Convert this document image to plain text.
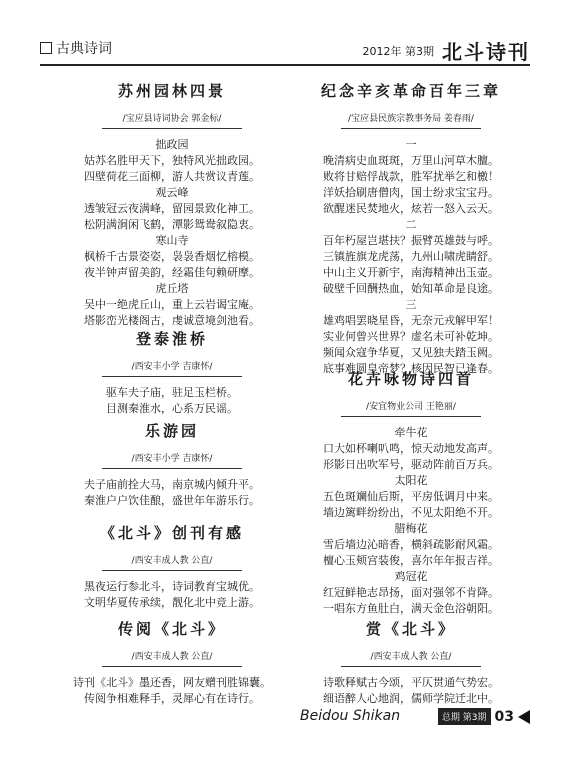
古典诗词	2012年 第3期 北斗诗刊
苏州园林四景
/宝应县诗词协会 郭金标/
拙政园
姑苏名胜甲天下，独特风光拙政园。
四壁荷花三面柳，游人共赏议青莲。
观云峰
透皱冠云夜满峰，留园景致化神工。
松阴满涧闲飞鹤，潭影鸳鸯叙隐衷。
寒山寺
枫桥千古景姿姿，袅袅香烟忆榕模。
夜半钟声留美韵，经霜佳句赖研摩。
虎丘塔
吴中一绝虎丘山，重上云岩谒宝庵。
塔影峦光楼阁古，虔诚意境剑池看。
登泰淮桥
/西安丰小学 吉康怀/
驱车夫子庙，驻足玉栏桥。
目测秦淮水，心系万民谣。
乐游园
/西安丰小学 吉康怀/
夫子庙前拴大马，南京城内倾升平。
秦淮户户饮佳酿，盛世年年游乐行。
《北斗》创刊有感
/西安丰成人教 公直/
黑夜运行参北斗，诗词教育宝城优。
文明华夏传承续，靓化北中竞上游。
传阅《北斗》
/西安丰成人教 公直/
诗刊《北斗》墨还香，网友赠刊胜锦囊。
传阅争相难释手，灵犀心有在诗行。
纪念辛亥革命百年三章
/宝应县民族宗教事务局 姜春雨/
一
晚清病史血斑斑，万里山河草木膻。
败将甘赔俘战款，胜军扰举乞和檄！
洋妖拾刷唐僧肉，国士纷求宝宝丹。
欲醒迷民焚地火，炫若一怒入云天。
二
百年朽屋岂堪扶？振臂英雄鼓与呼。
三镇旌旗龙虎荡，九州山啸虎睛舒。
中山主义开新宇，南海精神出玉壶。
破壁千回酬热血，始知革命是良途。
三
雄鸡唱罢晓星昏，无奈元戎解甲军！
实业何曾兴世界？虚名未可补乾坤。
频闻众寇争华夏，又见独夫踏玉阙。
底事难圆皇帝梦？核因民智已逢春。
花卉咏物诗四首
/安宜物业公司 王艳丽/
牵牛花
口大如杯喇叭鸣，惊天动地发高声。
形影日出吹军号，驱动阵前百万兵。
太阳花
五色斑斓仙后斯，平房低调月中来。
墙边篱畔纷纷出，不见太阳绝不开。
腊梅花
雪后墙边沁暗香，横斜疏影耐风霜。
檀心玉颊宫装俊，喜尔年年报吉祥。
鸡冠花
红冠鲜艳志昂扬，面对强邻不肯降。
一唱东方鱼肚白，满天金色浴朝阳。
赏《北斗》
/西安丰成人教 公直/
诗歌释赋古今颂，平仄贯通气势宏。
细语醉人心地润，儒师学院迁北中。
Beidou Shikan	总期 第3期 03
